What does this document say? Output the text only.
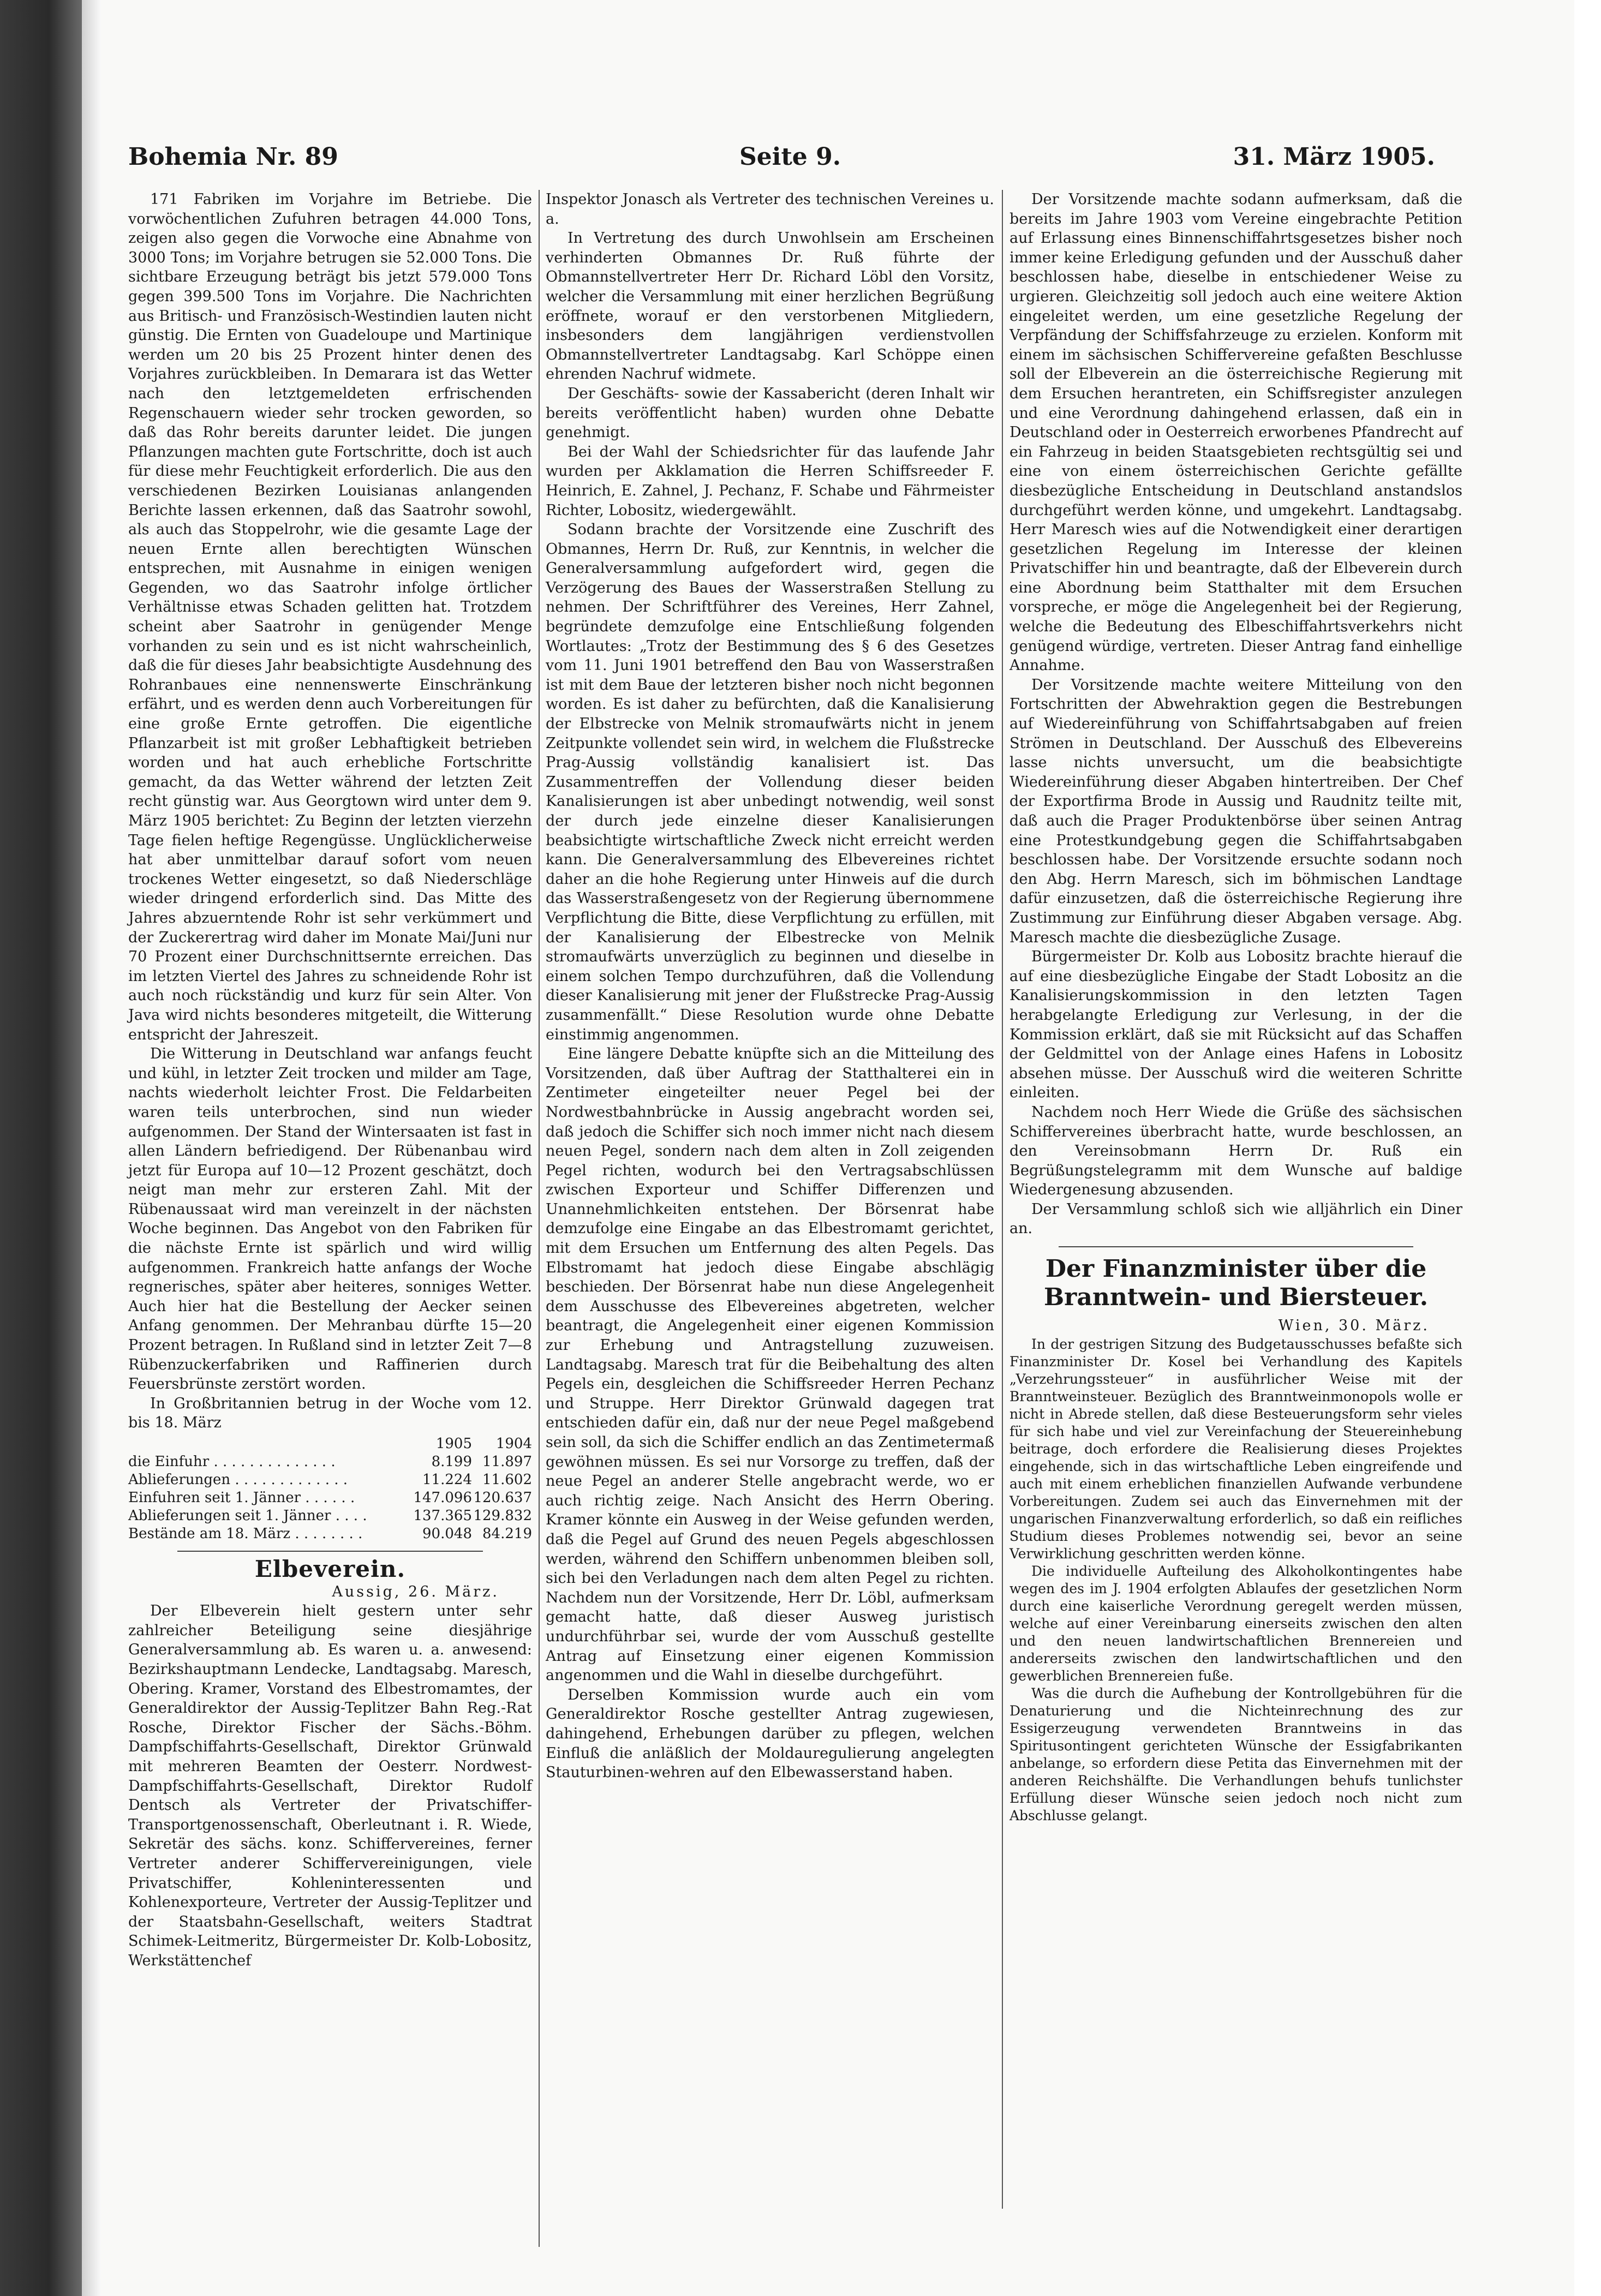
Bohemia Nr. 89	Seite 9.	31. März 1905.

171 Fabriken im Vorjahre im Betriebe. Die vorwöchentlichen Zufuhren betragen 44.000 Tons, zeigen also gegen die Vorwoche eine Abnahme von 3000 Tons; im Vorjahre betrugen sie 52.000 Tons. Die sichtbare Erzeugung beträgt bis jetzt 579.000 Tons gegen 399.500 Tons im Vorjahre. Die Nachrichten aus Britisch- und Französisch-Westindien lauten nicht günstig. Die Ernten von Guadeloupe und Martinique werden um 20 bis 25 Prozent hinter denen des Vorjahres zurückbleiben. In Demarara ist das Wetter nach den letztgemeldeten erfrischenden Regenschauern wieder sehr trocken geworden, so daß das Rohr bereits darunter leidet. Die jungen Pflanzungen machten gute Fortschritte, doch ist auch für diese mehr Feuchtigkeit erforderlich. Die aus den verschiedenen Bezirken Louisianas anlangenden Berichte lassen erkennen, daß das Saatrohr sowohl, als auch das Stoppelrohr, wie die gesamte Lage der neuen Ernte allen berechtigten Wünschen entsprechen, mit Ausnahme in einigen wenigen Gegenden, wo das Saatrohr infolge örtlicher Verhältnisse etwas Schaden gelitten hat. Trotzdem scheint aber Saatrohr in genügender Menge vorhanden zu sein und es ist nicht wahrscheinlich, daß die für dieses Jahr beabsichtigte Ausdehnung des Rohranbaues eine nennenswerte Einschränkung erfährt, und es werden denn auch Vorbereitungen für eine große Ernte getroffen. Die eigentliche Pflanzarbeit ist mit großer Lebhaftigkeit betrieben worden und hat auch erhebliche Fortschritte gemacht, da das Wetter während der letzten Zeit recht günstig war. Aus Georgtown wird unter dem 9. März 1905 berichtet: Zu Beginn der letzten vierzehn Tage fielen heftige Regengüsse. Unglücklicherweise hat aber unmittelbar darauf sofort vom neuen trockenes Wetter eingesetzt, so daß Niederschläge wieder dringend erforderlich sind. Das Mitte des Jahres abzuerntende Rohr ist sehr verkümmert und der Zuckerertrag wird daher im Monate Mai/Juni nur 70 Prozent einer Durchschnittsernte erreichen. Das im letzten Viertel des Jahres zu schneidende Rohr ist auch noch rückständig und kurz für sein Alter. Von Java wird nichts besonderes mitgeteilt, die Witterung entspricht der Jahreszeit.

Die Witterung in Deutschland war anfangs feucht und kühl, in letzter Zeit trocken und milder am Tage, nachts wiederholt leichter Frost. Die Feldarbeiten waren teils unterbrochen, sind nun wieder aufgenommen. Der Stand der Wintersaaten ist fast in allen Ländern befriedigend. Der Rübenanbau wird jetzt für Europa auf 10—12 Prozent geschätzt, doch neigt man mehr zur ersteren Zahl. Mit der Rübenaussaat wird man vereinzelt in der nächsten Woche beginnen. Das Angebot von den Fabriken für die nächste Ernte ist spärlich und wird willig aufgenommen. Frankreich hatte anfangs der Woche regnerisches, später aber heiteres, sonniges Wetter. Auch hier hat die Bestellung der Aecker seinen Anfang genommen. Der Mehranbau dürfte 15—20 Prozent betragen. In Rußland sind in letzter Zeit 7—8 Rübenzuckerfabriken und Raffinerien durch Feuersbrünste zerstört worden.

In Großbritannien betrug in der Woche vom 12. bis 18. März

	1905	1904
die Einfuhr . . . . . . . . . . . . . .	8.199	11.897
Ablieferungen . . . . . . . . . . . . .	11.224	11.602
Einfuhren seit 1. Jänner . . . . . .	147.096	120.637
Ablieferungen seit 1. Jänner . . . .	137.365	129.832
Bestände am 18. März . . . . . . . .	90.048	84.219
Elbeverein.
Aussig, 26. März.

Der Elbeverein hielt gestern unter sehr zahlreicher Beteiligung seine diesjährige Generalversammlung ab. Es waren u. a. anwesend: Bezirkshauptmann Lendecke, Landtagsabg. Maresch, Obering. Kramer, Vorstand des Elbestromamtes, der Generaldirektor der Aussig-Teplitzer Bahn Reg.-Rat Rosche, Direktor Fischer der Sächs.-Böhm. Dampfschiffahrts-Gesellschaft, Direktor Grünwald mit mehreren Beamten der Oesterr. Nordwest-Dampfschiffahrts-Gesellschaft, Direktor Rudolf Dentsch als Vertreter der Privatschiffer-Transportgenossenschaft, Oberleutnant i. R. Wiede, Sekretär des sächs. konz. Schiffervereines, ferner Vertreter anderer Schiffervereinigungen, viele Privatschiffer, Kohleninteressenten und Kohlenexporteure, Vertreter der Aussig-Teplitzer und der Staatsbahn-Gesellschaft, weiters Stadtrat Schimek-Leitmeritz, Bürgermeister Dr. Kolb-Lobositz, Werkstättenchef

Inspektor Jonasch als Vertreter des technischen Vereines u. a.

In Vertretung des durch Unwohlsein am Erscheinen verhinderten Obmannes Dr. Ruß führte der Obmannstellvertreter Herr Dr. Richard Löbl den Vorsitz, welcher die Versammlung mit einer herzlichen Begrüßung eröffnete, worauf er den verstorbenen Mitgliedern, insbesonders dem langjährigen verdienstvollen Obmannstellvertreter Landtagsabg. Karl Schöppe einen ehrenden Nachruf widmete.

Der Geschäfts- sowie der Kassabericht (deren Inhalt wir bereits veröffentlicht haben) wurden ohne Debatte genehmigt.

Bei der Wahl der Schiedsrichter für das laufende Jahr wurden per Akklamation die Herren Schiffsreeder F. Heinrich, E. Zahnel, J. Pechanz, F. Schabe und Fährmeister Richter, Lobositz, wiedergewählt.

Sodann brachte der Vorsitzende eine Zuschrift des Obmannes, Herrn Dr. Ruß, zur Kenntnis, in welcher die Generalversammlung aufgefordert wird, gegen die Verzögerung des Baues der Wasserstraßen Stellung zu nehmen. Der Schriftführer des Vereines, Herr Zahnel, begründete demzufolge eine Entschließung folgenden Wortlautes: „Trotz der Bestimmung des § 6 des Gesetzes vom 11. Juni 1901 betreffend den Bau von Wasserstraßen ist mit dem Baue der letzteren bisher noch nicht begonnen worden. Es ist daher zu befürchten, daß die Kanalisierung der Elbstrecke von Melnik stromaufwärts nicht in jenem Zeitpunkte vollendet sein wird, in welchem die Flußstrecke Prag-Aussig vollständig kanalisiert ist. Das Zusammentreffen der Vollendung dieser beiden Kanalisierungen ist aber unbedingt notwendig, weil sonst der durch jede einzelne dieser Kanalisierungen beabsichtigte wirtschaftliche Zweck nicht erreicht werden kann. Die Generalversammlung des Elbevereines richtet daher an die hohe Regierung unter Hinweis auf die durch das Wasserstraßengesetz von der Regierung übernommene Verpflichtung die Bitte, diese Verpflichtung zu erfüllen, mit der Kanalisierung der Elbestrecke von Melnik stromaufwärts unverzüglich zu beginnen und dieselbe in einem solchen Tempo durchzuführen, daß die Vollendung dieser Kanalisierung mit jener der Flußstrecke Prag-Aussig zusammenfällt.“ Diese Resolution wurde ohne Debatte einstimmig angenommen.

Eine längere Debatte knüpfte sich an die Mitteilung des Vorsitzenden, daß über Auftrag der Statthalterei ein in Zentimeter eingeteilter neuer Pegel bei der Nordwestbahnbrücke in Aussig angebracht worden sei, daß jedoch die Schiffer sich noch immer nicht nach diesem neuen Pegel, sondern nach dem alten in Zoll zeigenden Pegel richten, wodurch bei den Vertragsabschlüssen zwischen Exporteur und Schiffer Differenzen und Unannehmlichkeiten entstehen. Der Börsenrat habe demzufolge eine Eingabe an das Elbestromamt gerichtet, mit dem Ersuchen um Entfernung des alten Pegels. Das Elbstromamt hat jedoch diese Eingabe abschlägig beschieden. Der Börsenrat habe nun diese Angelegenheit dem Ausschusse des Elbevereines abgetreten, welcher beantragt, die Angelegenheit einer eigenen Kommission zur Erhebung und Antragstellung zuzuweisen. Landtagsabg. Maresch trat für die Beibehaltung des alten Pegels ein, desgleichen die Schiffsreeder Herren Pechanz und Struppe. Herr Direktor Grünwald dagegen trat entschieden dafür ein, daß nur der neue Pegel maßgebend sein soll, da sich die Schiffer endlich an das Zentimetermaß gewöhnen müssen. Es sei nur Vorsorge zu treffen, daß der neue Pegel an anderer Stelle angebracht werde, wo er auch richtig zeige. Nach Ansicht des Herrn Obering. Kramer könnte ein Ausweg in der Weise gefunden werden, daß die Pegel auf Grund des neuen Pegels abgeschlossen werden, während den Schiffern unbenommen bleiben soll, sich bei den Verladungen nach dem alten Pegel zu richten. Nachdem nun der Vorsitzende, Herr Dr. Löbl, aufmerksam gemacht hatte, daß dieser Ausweg juristisch undurchführbar sei, wurde der vom Ausschuß gestellte Antrag auf Einsetzung einer eigenen Kommission angenommen und die Wahl in dieselbe durchgeführt.

Derselben Kommission wurde auch ein vom Generaldirektor Rosche gestellter Antrag zugewiesen, dahingehend, Erhebungen darüber zu pflegen, welchen Einfluß die anläßlich der Moldauregulierung angelegten Stauturbinen-wehren auf den Elbewasserstand haben.

Der Vorsitzende machte sodann aufmerksam, daß die bereits im Jahre 1903 vom Vereine eingebrachte Petition auf Erlassung eines Binnenschiffahrtsgesetzes bisher noch immer keine Erledigung gefunden und der Ausschuß daher beschlossen habe, dieselbe in entschiedener Weise zu urgieren. Gleichzeitig soll jedoch auch eine weitere Aktion eingeleitet werden, um eine gesetzliche Regelung der Verpfändung der Schiffsfahrzeuge zu erzielen. Konform mit einem im sächsischen Schiffervereine gefaßten Beschlusse soll der Elbeverein an die österreichische Regierung mit dem Ersuchen herantreten, ein Schiffsregister anzulegen und eine Verordnung dahingehend erlassen, daß ein in Deutschland oder in Oesterreich erworbenes Pfandrecht auf ein Fahrzeug in beiden Staatsgebieten rechtsgültig sei und eine von einem österreichischen Gerichte gefällte diesbezügliche Entscheidung in Deutschland anstandslos durchgeführt werden könne, und umgekehrt. Landtagsabg. Herr Maresch wies auf die Notwendigkeit einer derartigen gesetzlichen Regelung im Interesse der kleinen Privatschiffer hin und beantragte, daß der Elbeverein durch eine Abordnung beim Statthalter mit dem Ersuchen vorspreche, er möge die Angelegenheit bei der Regierung, welche die Bedeutung des Elbeschiffahrtsverkehrs nicht genügend würdige, vertreten. Dieser Antrag fand einhellige Annahme.

Der Vorsitzende machte weitere Mitteilung von den Fortschritten der Abwehraktion gegen die Bestrebungen auf Wiedereinführung von Schiffahrtsabgaben auf freien Strömen in Deutschland. Der Ausschuß des Elbevereins lasse nichts unversucht, um die beabsichtigte Wiedereinführung dieser Abgaben hintertreiben. Der Chef der Exportfirma Brode in Aussig und Raudnitz teilte mit, daß auch die Prager Produktenbörse über seinen Antrag eine Protestkundgebung gegen die Schiffahrtsabgaben beschlossen habe. Der Vorsitzende ersuchte sodann noch den Abg. Herrn Maresch, sich im böhmischen Landtage dafür einzusetzen, daß die österreichische Regierung ihre Zustimmung zur Einführung dieser Abgaben versage. Abg. Maresch machte die diesbezügliche Zusage.

Bürgermeister Dr. Kolb aus Lobositz brachte hierauf die auf eine diesbezügliche Eingabe der Stadt Lobositz an die Kanalisierungskommission in den letzten Tagen herabgelangte Erledigung zur Verlesung, in der die Kommission erklärt, daß sie mit Rücksicht auf das Schaffen der Geldmittel von der Anlage eines Hafens in Lobositz absehen müsse. Der Ausschuß wird die weiteren Schritte einleiten.

Nachdem noch Herr Wiede die Grüße des sächsischen Schiffervereines überbracht hatte, wurde beschlossen, an den Vereinsobmann Herrn Dr. Ruß ein Begrüßungstelegramm mit dem Wunsche auf baldige Wiedergenesung abzusenden.

Der Versammlung schloß sich wie alljährlich ein Diner an.

Der Finanzminister über die Branntwein- und Biersteuer.
Wien, 30. März.

In der gestrigen Sitzung des Budgetausschusses befaßte sich Finanzminister Dr. Kosel bei Verhandlung des Kapitels „Verzehrungssteuer“ in ausführlicher Weise mit der Branntweinsteuer. Bezüglich des Branntweinmonopols wolle er nicht in Abrede stellen, daß diese Besteuerungsform sehr vieles für sich habe und viel zur Vereinfachung der Steuereinhebung beitrage, doch erfordere die Realisierung dieses Projektes eingehende, sich in das wirtschaftliche Leben eingreifende und auch mit einem erheblichen finanziellen Aufwande verbundene Vorbereitungen. Zudem sei auch das Einvernehmen mit der ungarischen Finanzverwaltung erforderlich, so daß ein reifliches Studium dieses Problemes notwendig sei, bevor an seine Verwirklichung geschritten werden könne.

Die individuelle Aufteilung des Alkoholkontingentes habe wegen des im J. 1904 erfolgten Ablaufes der gesetzlichen Norm durch eine kaiserliche Verordnung geregelt werden müssen, welche auf einer Vereinbarung einerseits zwischen den alten und den neuen landwirtschaftlichen Brennereien und andererseits zwischen den landwirtschaftlichen und den gewerblichen Brennereien fuße.

Was die durch die Aufhebung der Kontrollgebühren für die Denaturierung und die Nichteinrechnung des zur Essigerzeugung verwendeten Branntweins in das Spiritusontingent gerichteten Wünsche der Essigfabrikanten anbelange, so erfordern diese Petita das Einvernehmen mit der anderen Reichshälfte. Die Verhandlungen behufs tunlichster Erfüllung dieser Wünsche seien jedoch noch nicht zum Abschlusse gelangt.
